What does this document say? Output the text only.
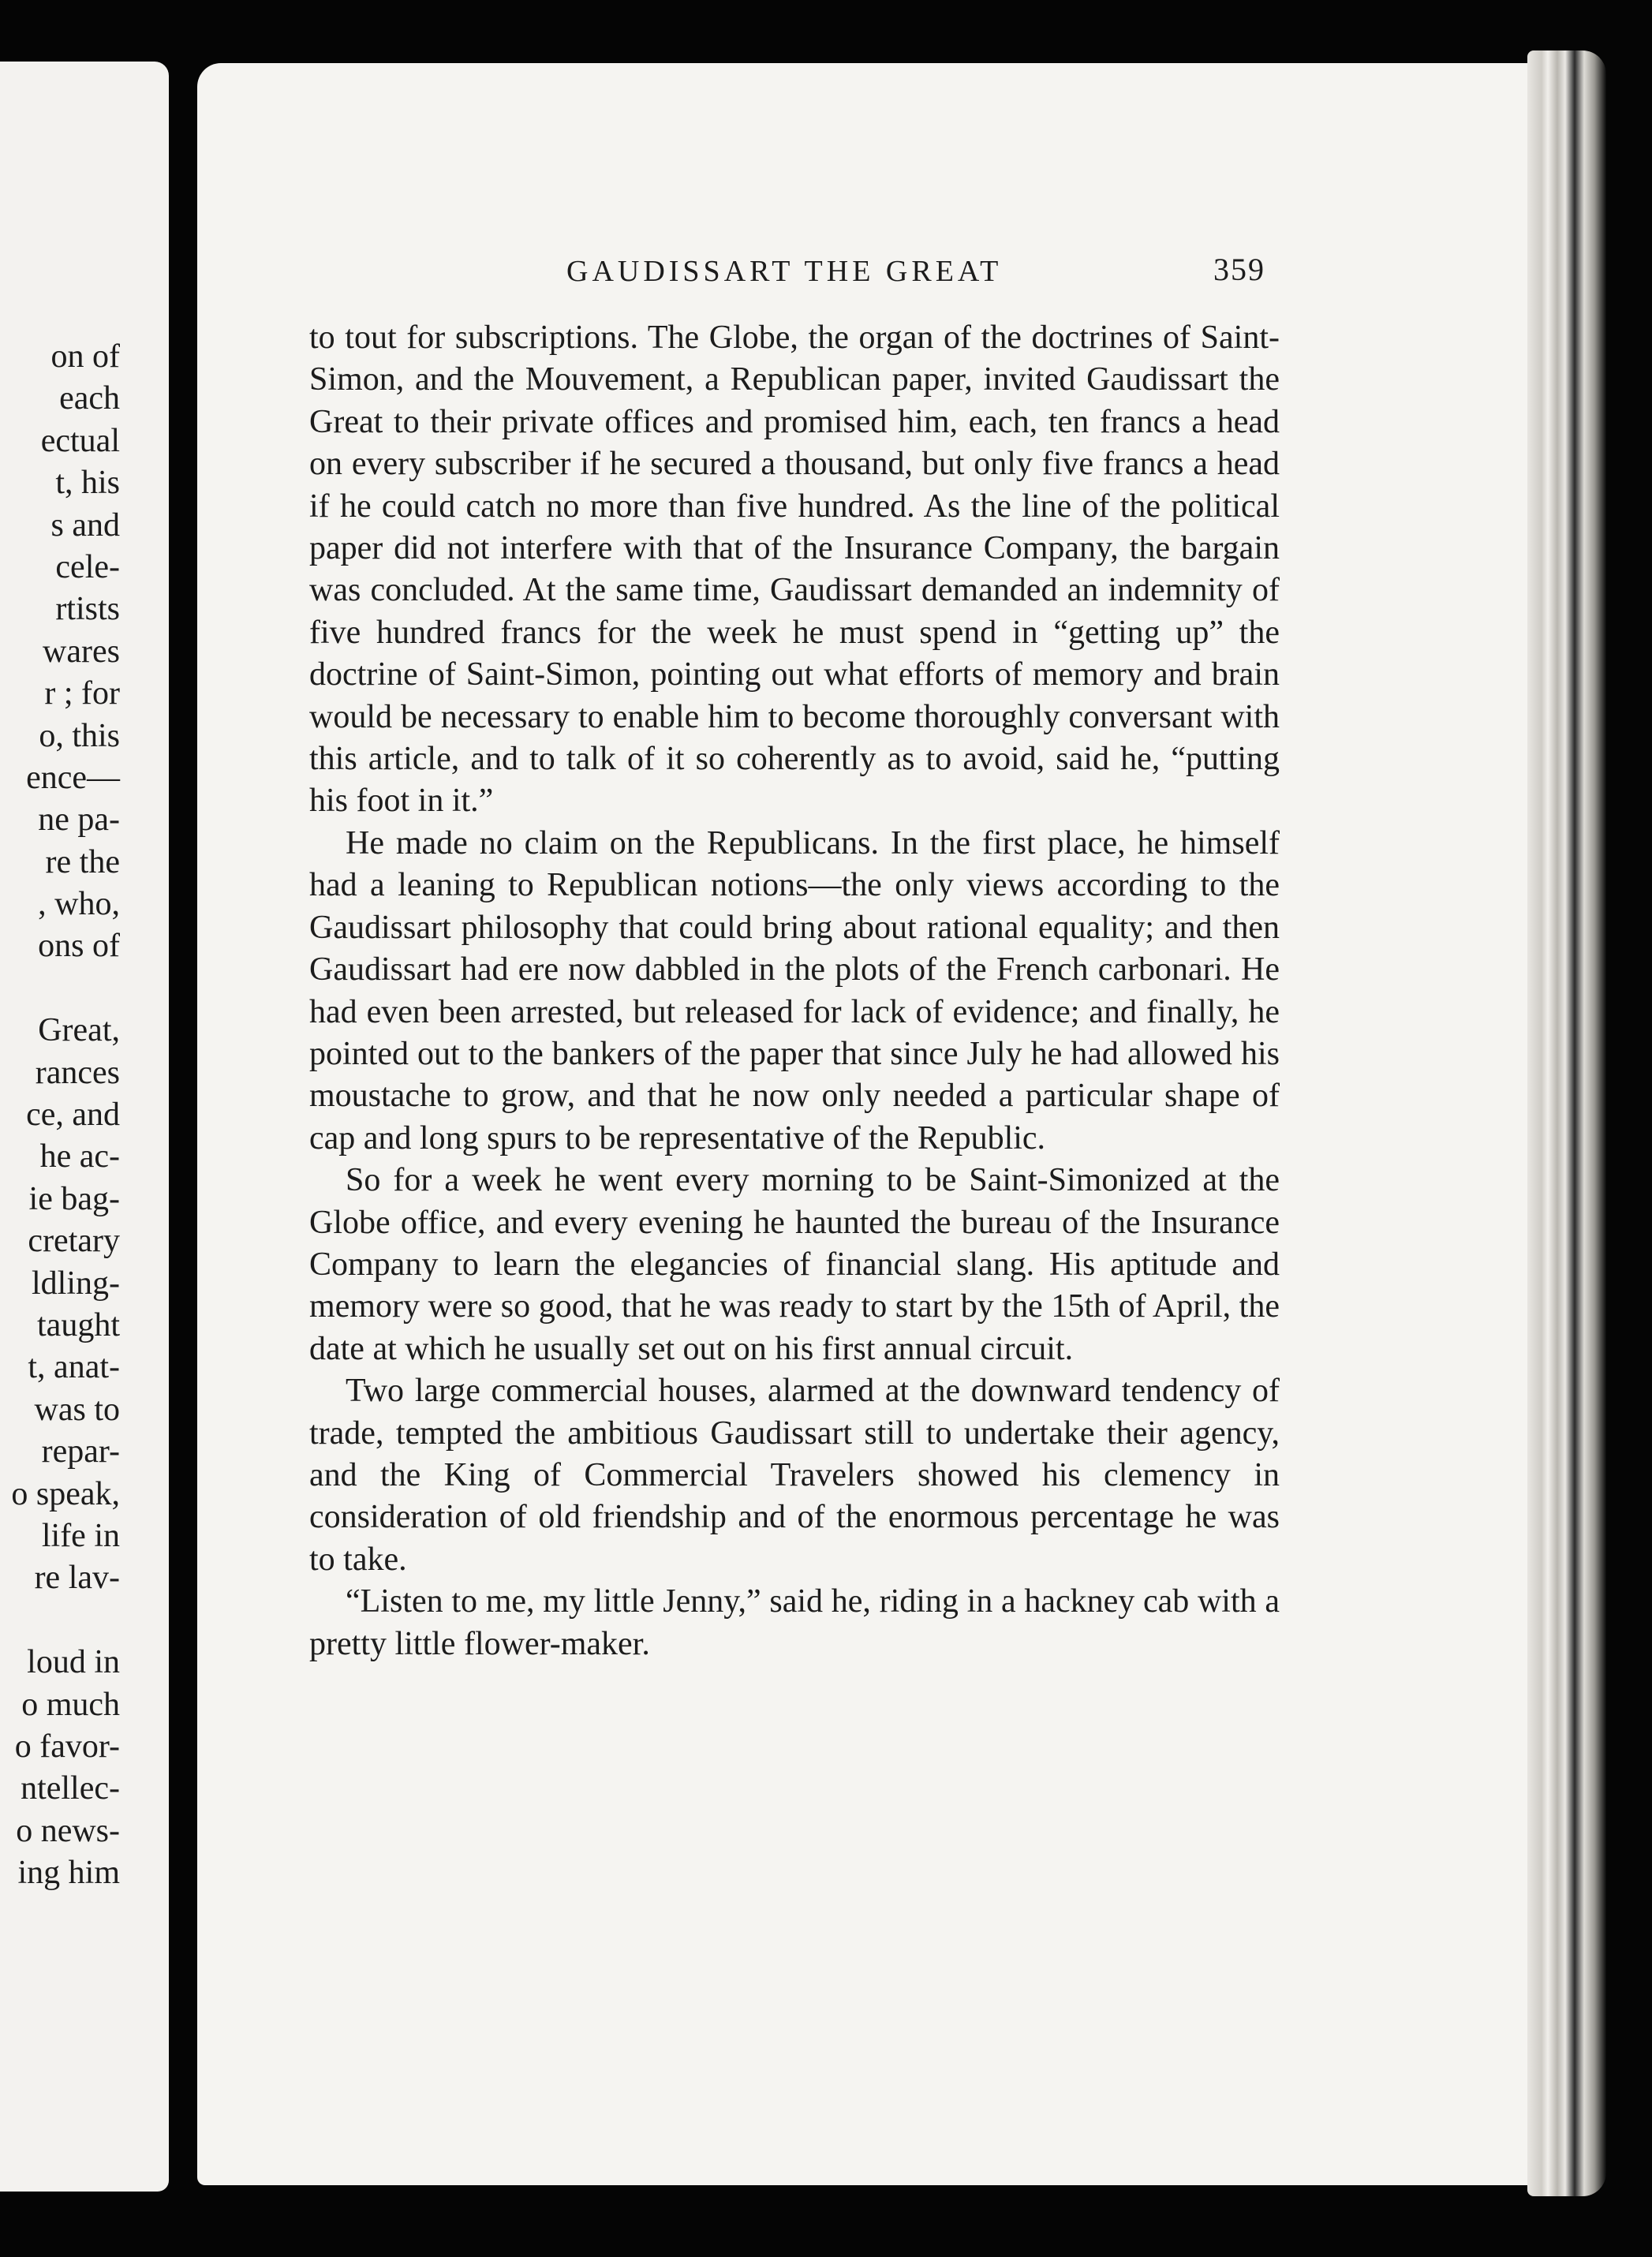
on of
each
ectual
t, his
s and
cele-
rtists
wares
r ; for
o, this
ence—
ne pa-
re the
, who,
ons of
Great,
rances
ce, and
he ac-
ie bag-
cretary
ldling-
taught
t, anat-
was to
repar-
o speak,
life in
re lav-
loud in
o much
o favor-
ntellec-
o news-
ing him
GAUDISSART THE GREAT	359

to tout for subscriptions. The Globe, the organ of the doctrines of Saint-Simon, and the Mouvement, a Republican paper, invited Gaudissart the Great to their private offices and promised him, each, ten francs a head on every subscriber if he secured a thousand, but only five francs a head if he could catch no more than five hundred. As the line of the political paper did not interfere with that of the Insurance Company, the bargain was concluded. At the same time, Gaudissart demanded an indemnity of five hundred francs for the week he must spend in “getting up” the doctrine of Saint-Simon, pointing out what efforts of memory and brain would be necessary to enable him to become thoroughly conversant with this article, and to talk of it so coherently as to avoid, said he, “putting his foot in it.”

He made no claim on the Republicans. In the first place, he himself had a leaning to Republican notions—the only views according to the Gaudissart philosophy that could bring about rational equality; and then Gaudissart had ere now dabbled in the plots of the French carbonari. He had even been arrested, but released for lack of evidence; and finally, he pointed out to the bankers of the paper that since July he had allowed his moustache to grow, and that he now only needed a particular shape of cap and long spurs to be representative of the Republic.

So for a week he went every morning to be Saint-Simonized at the Globe office, and every evening he haunted the bureau of the Insurance Company to learn the elegancies of financial slang. His aptitude and memory were so good, that he was ready to start by the 15th of April, the date at which he usually set out on his first annual circuit.

Two large commercial houses, alarmed at the downward tendency of trade, tempted the ambitious Gaudissart still to undertake their agency, and the King of Commercial Travelers showed his clemency in consideration of old friendship and of the enormous percentage he was to take.

“Listen to me, my little Jenny,” said he, riding in a hackney cab with a pretty little flower-maker.
